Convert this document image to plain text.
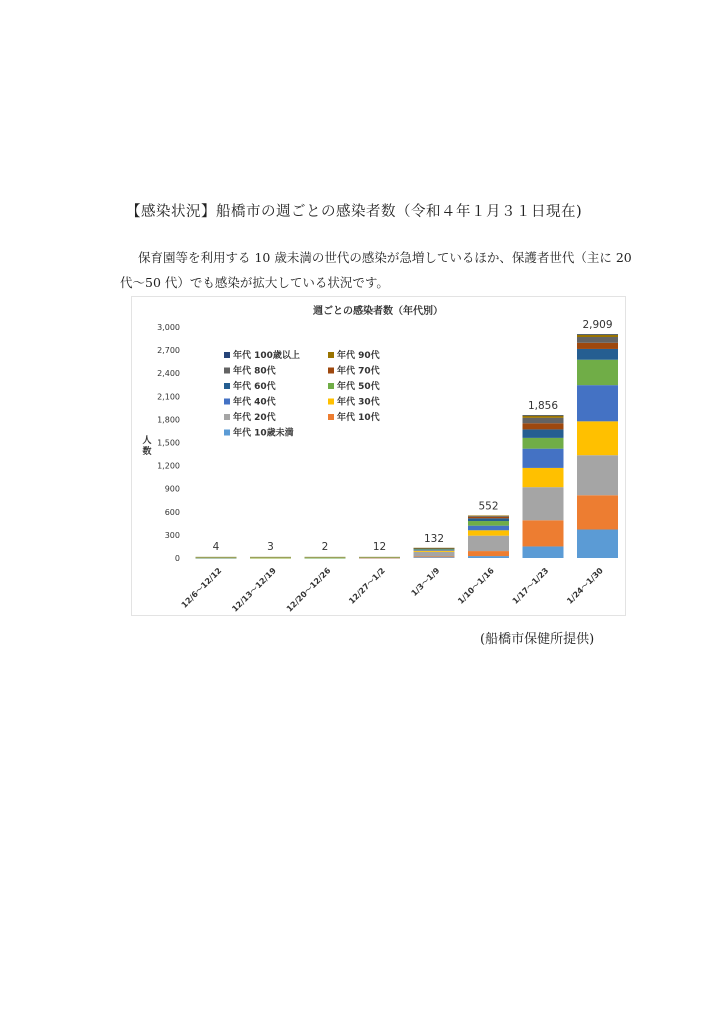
【感染状況】船橋市の週ごとの感染者数（令和４年１月３１日現在)
保育園等を利用する 10 歳未満の世代の感染が急増しているほか、保護者世代（主に 20
代～50 代）でも感染が拡大している状況です。
週ごとの感染者数（年代別）
人数
0
300
600
900
1,200
1,500
1,800
2,100
2,400
2,700
3,000
4	3	2	12
132
552
1,856
2,909
12/6～12/12 12/13～12/19 12/20～12/26 12/27～1/2	1/3～1/9 1/10～1/16 1/17～1/23 1/24～1/30
年代 100歳以上	年代 90代
年代 80代	年代 70代
年代 60代	年代 50代
年代 40代	年代 30代
年代 20代	年代 10代
年代 10歳未満
(船橋市保健所提供)
